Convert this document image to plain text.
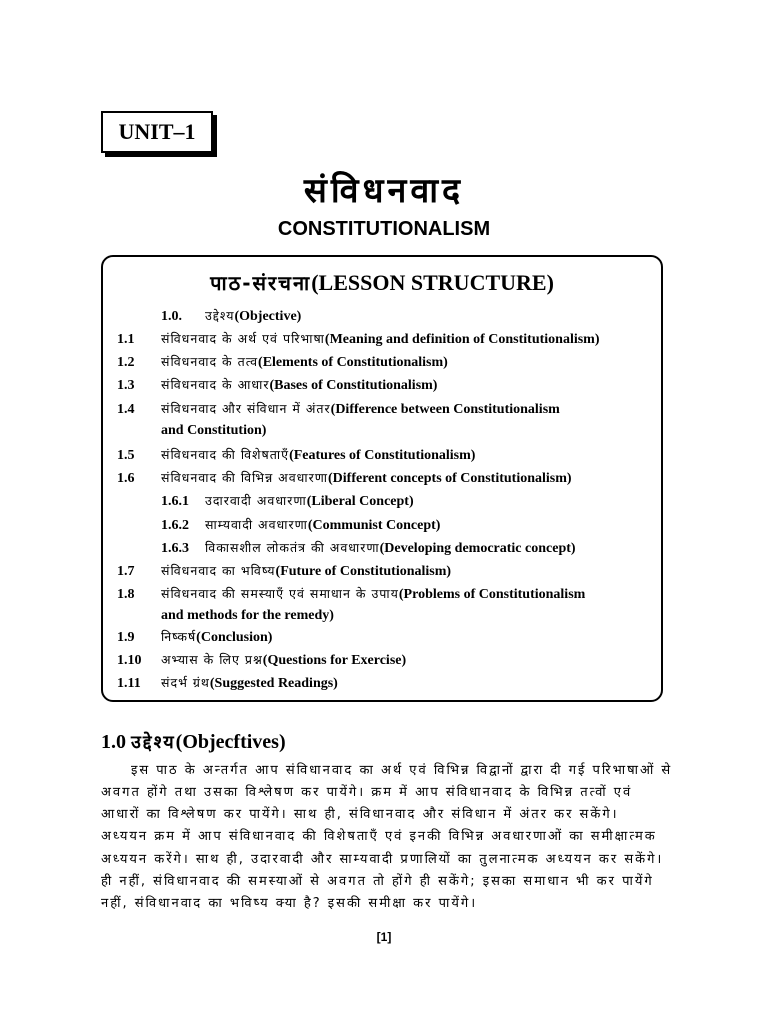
UNIT–1
संविधनवाद
CONSTITUTIONALISM
पाठ-संरचना(LESSON STRUCTURE)
1.0. उद्देश्य(Objective)
1.1 संविधनवाद के अर्थ एवं परिभाषा(Meaning and definition of Constitutionalism)
1.2 संविधनवाद के तत्व(Elements of Constitutionalism)
1.3 संविधनवाद के आधार(Bases of Constitutionalism)
1.4 संविधनवाद और संविधान में अंतर(Difference between Constitutionalism
and Constitution)
1.5 संविधनवाद की विशेषताएँ(Features of Constitutionalism)
1.6 संविधनवाद की विभिन्न अवधारणा(Different concepts of Constitutionalism)
1.6.1 उदारवादी अवधारणा(Liberal Concept)
1.6.2 साम्यवादी अवधारणा(Communist Concept)
1.6.3 विकासशील लोकतंत्र की अवधारणा(Developing democratic concept)
1.7 संविधनवाद का भविष्य(Future of Constitutionalism)
1.8 संविधनवाद की समस्याएँ एवं समाधान के उपाय(Problems of Constitutionalism
and methods for the remedy)
1.9 निष्कर्ष(Conclusion)
1.10 अभ्यास के लिए प्रश्न(Questions for Exercise)
1.11 संदर्भ ग्रंथ(Suggested Readings)
1.0 उद्देश्य(Objecftives)
इस पाठ के अन्तर्गत आप संविधानवाद का अर्थ एवं विभिन्न विद्वानों द्वारा दी गई परिभाषाओं से
अवगत होंगे तथा उसका विश्लेषण कर पायेंगे। क्रम में आप संविधानवाद के विभिन्न तत्वों एवं
आधारों का विश्लेषण कर पायेंगे। साथ ही, संविधानवाद और संविधान में अंतर कर सकेंगे।
अध्ययन क्रम में आप संविधानवाद की विशेषताएँ एवं इनकी विभिन्न अवधारणाओं का समीक्षात्मक
अध्ययन करेंगे। साथ ही, उदारवादी और साम्यवादी प्रणालियों का तुलनात्मक अध्ययन कर सकेंगे।
ही नहीं, संविधानवाद की समस्याओं से अवगत तो होंगे ही सकेंगे; इसका समाधान भी कर पायेंगे
नहीं, संविधानवाद का भविष्य क्या है? इसकी समीक्षा कर पायेंगे।
[1]
